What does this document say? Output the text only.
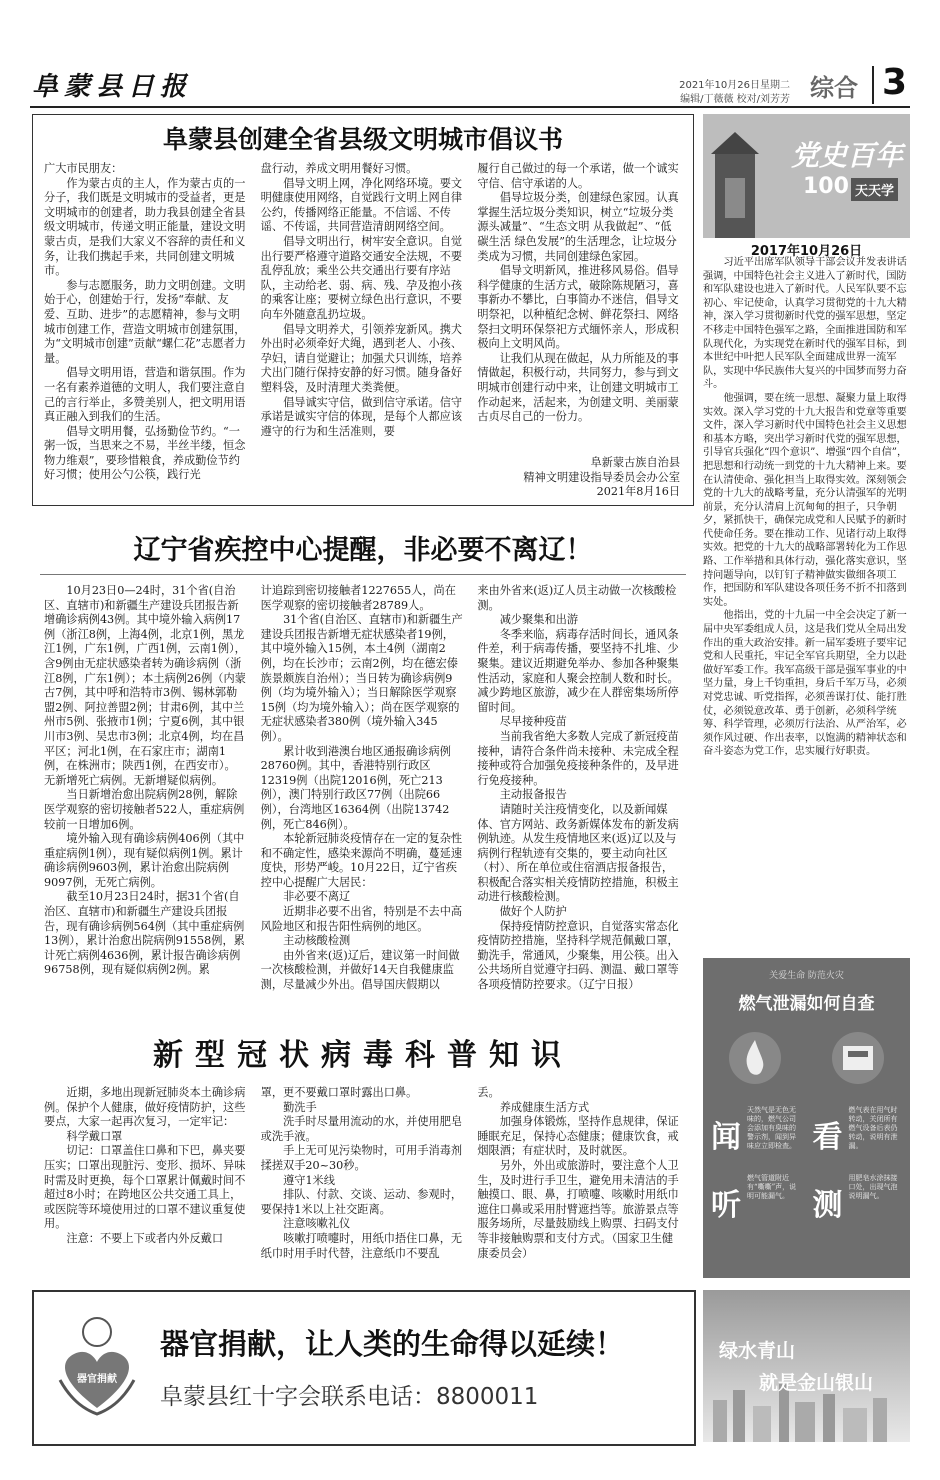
阜蒙县日报	2021年10月26日星期二
编辑/丁薇薇 校对/刘芳芳 综合 3
阜蒙县创建全省县级文明城市倡议书

广大市民朋友：

作为蒙古贞的主人，作为蒙古贞的一分子，我们既是文明城市的受益者，更是文明城市的创建者，助力我县创建全省县级文明城市，传递文明正能量，建设文明蒙古贞，是我们大家义不容辞的责任和义务，让我们携起手来，共同创建文明城市。

参与志愿服务，助力文明创建。文明始于心，创建始于行，发扬“奉献、友爱、互助、进步”的志愿精神，参与文明城市创建工作，营造文明城市创建氛围，为“文明城市创建”贡献“螺仁花”志愿者力量。

倡导文明用语，营造和谐氛围。作为一名有素养道德的文明人，我们要注意自己的言行举止，多赞美别人，把文明用语真正融入到我们的生活。

倡导文明用餐，弘扬勤俭节约。“一粥一饭，当思来之不易，半丝半缕，恒念物力维艰”，要珍惜粮食，养成勤俭节约好习惯；使用公勺公筷，践行光

盘行动，养成文明用餐好习惯。

倡导文明上网，净化网络环境。要文明健康使用网络，自觉践行文明上网自律公约，传播网络正能量。不信谣、不传谣、不传谣，共同营造清朗网络空间。

倡导文明出行，树牢安全意识。自觉出行要严格遵守道路交通安全法规，不要乱停乱放；乘坐公共交通出行要有序站队，主动给老、弱、病、残、孕及抱小孩的乘客让座；要树立绿色出行意识，不要向车外随意乱扔垃圾。

倡导文明养犬，引领养宠新风。携犬外出时必须牵好犬绳，遇到老人、小孩、孕妇，请自觉避让；加强犬只训练，培养犬出门随行保持安静的好习惯。随身备好塑料袋，及时清理犬类粪便。

倡导诚实守信，做到信守承诺。信守承诺是诚实守信的体现，是每个人都应该遵守的行为和生活准则，要

履行自己做过的每一个承诺，做一个诚实守信、信守承诺的人。

倡导垃圾分类，创建绿色家园。认真掌握生活垃圾分类知识，树立“垃圾分类 源头减量”、“生态文明 从我做起”、“低碳生活 绿色发展”的生活理念，让垃圾分类成为习惯，共同创建绿色家园。

倡导文明新风，推进移风易俗。倡导科学健康的生活方式，破除陈规陋习，喜事新办不攀比，白事简办不迷信，倡导文明祭祀，以种植纪念树、鲜花祭扫、网络祭扫文明环保祭祀方式缅怀亲人，形成积极向上文明风尚。

让我们从现在做起，从力所能及的事情做起，积极行动，共同努力，参与到文明城市创建行动中来，让创建文明城市工作动起来，活起来，为创建文明、美丽蒙古贞尽自己的一份力。

阜新蒙古族自治县

精神文明建设指导委员会办公室

2021年8月16日

辽宁省疾控中心提醒，非必要不离辽！

10月23日0—24时，31个省(自治区、直辖市)和新疆生产建设兵团报告新增确诊病例43例。其中境外输入病例17例（浙江8例，上海4例，北京1例，黑龙江1例，广东1例，广西1例，云南1例），含9例由无症状感染者转为确诊病例（浙江8例，广东1例）；本土病例26例（内蒙古7例，其中呼和浩特市3例、锡林郭勒盟2例、阿拉善盟2例；甘肃6例，其中兰州市5例、张掖市1例；宁夏6例，其中银川市3例、吴忠市3例；北京4例，均在昌平区；河北1例，在石家庄市；湖南1例，在株洲市；陕西1例，在西安市）。无新增死亡病例。无新增疑似病例。

当日新增治愈出院病例28例，解除医学观察的密切接触者522人，重症病例较前一日增加6例。

境外输入现有确诊病例406例（其中重症病例1例），现有疑似病例1例。累计确诊病例9603例，累计治愈出院病例9097例，无死亡病例。

截至10月23日24时，据31个省(自治区、直辖市)和新疆生产建设兵团报告，现有确诊病例564例（其中重症病例13例），累计治愈出院病例91558例，累计死亡病例4636例，累计报告确诊病例96758例，现有疑似病例2例。累

计追踪到密切接触者1227655人，尚在医学观察的密切接触者28789人。

31个省(自治区、直辖市)和新疆生产建设兵团报告新增无症状感染者19例，其中境外输入15例，本土4例（湖南2例，均在长沙市；云南2例，均在德宏傣族景颇族自治州）；当日转为确诊病例9例（均为境外输入）；当日解除医学观察15例（均为境外输入）；尚在医学观察的无症状感染者380例（境外输入345例）。

累计收到港澳台地区通报确诊病例28760例。其中，香港特别行政区12319例（出院12016例，死亡213例），澳门特别行政区77例（出院66例），台湾地区16364例（出院13742例，死亡846例）。

本轮新冠肺炎疫情存在一定的复杂性和不确定性，感染来源尚不明确，蔓延速度快，形势严峻。10月22日，辽宁省疾控中心提醒广大居民：

非必要不离辽

近期非必要不出省，特别是不去中高风险地区和报告阳性病例的地区。

主动核酸检测

由外省来(返)辽后，建议第一时间做一次核酸检测，并做好14天自我健康监测，尽量减少外出。倡导国庆假期以

来由外省来(返)辽人员主动做一次核酸检测。

减少聚集和出游

冬季来临，病毒存活时间长，通风条件差，利于病毒传播，要坚持不扎堆、少聚集。建议近期避免举办、参加各种聚集性活动，家庭和人聚会控制人数和时长。减少跨地区旅游，减少在人群密集场所停留时间。

尽早接种疫苗

当前我省绝大多数人完成了新冠疫苗接种，请符合条件尚未接种、未完成全程接种或符合加强免疫接种条件的，及早进行免疫接种。

主动报备报告

请随时关注疫情变化，以及新闻媒体、官方网站、政务新媒体发布的新发病例轨迹。从发生疫情地区来(返)辽以及与病例行程轨迹有交集的，要主动向社区（村）、所在单位或住宿酒店报备报告，积极配合落实相关疫情防控措施，积极主动进行核酸检测。

做好个人防护

保持疫情防控意识，自觉落实常态化疫情防控措施，坚持科学规范佩戴口罩，勤洗手，常通风，少聚集，用公筷。出入公共场所自觉遵守扫码、测温、戴口罩等各项疫情防控要求。（辽宁日报）

新型冠状病毒科普知识

近期，多地出现新冠肺炎本土确诊病例。保护个人健康，做好疫情防护，这些要点，大家一起再次复习，一定牢记：

科学戴口罩

切记：口罩盖住口鼻和下巴，鼻夹要压实；口罩出现脏污、变形、损坏、异味时需及时更换，每个口罩累计佩戴时间不超过8小时；在跨地区公共交通工具上，或医院等环境使用过的口罩不建议重复使用。

注意：不要上下或者内外反戴口

罩，更不要戴口罩时露出口鼻。

勤洗手

洗手时尽量用流动的水，并使用肥皂或洗手液。

手上无可见污染物时，可用手消毒剂揉搓双手20~30秒。

遵守1米线

排队、付款、交谈、运动、参观时，要保持1米以上社交距离。

注意咳嗽礼仪

咳嗽打喷嚏时，用纸巾捂住口鼻，无纸巾时用手时代替，注意纸巾不要乱

丢。

养成健康生活方式

加强身体锻炼，坚持作息规律，保证睡眠充足，保持心态健康；健康饮食，戒烟限酒；有症状时，及时就医。

另外，外出或旅游时，要注意个人卫生，及时进行手卫生，避免用未清洁的手触摸口、眼、鼻，打喷嚏、咳嗽时用纸巾遮住口鼻或采用肘臂遮挡等。旅游景点等服务场所，尽量鼓励线上购票、扫码支付等非接触购票和支付方式。（国家卫生健康委员会）

器官捐献
器官捐献，让人类的生命得以延续！
阜蒙县红十字会联系电话：8800011
党史百年
100 天天学
2017年10月26日

习近平出席军队领导干部会议并发表讲话强调，中国特色社会主义进入了新时代，国防和军队建设也进入了新时代。人民军队要不忘初心、牢记使命，认真学习贯彻党的十九大精神，深入学习贯彻新时代党的强军思想，坚定不移走中国特色强军之路，全面推进国防和军队现代化，为实现党在新时代的强军目标，到本世纪中叶把人民军队全面建成世界一流军队，实现中华民族伟大复兴的中国梦而努力奋斗。

他强调，要在统一思想、凝聚力量上取得实效。深入学习党的十九大报告和党章等重要文件，深入学习新时代中国特色社会主义思想和基本方略，突出学习新时代党的强军思想，引导官兵强化“四个意识”、增强“四个自信”，把思想和行动统一到党的十九大精神上来。要在认清使命、强化担当上取得实效。深刻领会党的十九大的战略考量，充分认清强军的光明前景，充分认清肩上沉甸甸的担子，只争朝夕，紧抓快干，确保完成党和人民赋予的新时代使命任务。要在推动工作、见诸行动上取得实效。把党的十九大的战略部署转化为工作思路、工作举措和具体行动，强化落实意识，坚持问题导向，以钉钉子精神做实做细各项工作，把国防和军队建设各项任务不折不扣落到实处。

他指出，党的十九届一中全会决定了新一届中央军委组成人员，这是我们党从全局出发作出的重大政治安排。新一届军委班子要牢记党和人民重托，牢记全军官兵期望，全力以赴做好军委工作。我军高级干部是强军事业的中坚力量，身上千钧重担，身后千军万马，必须对党忠诚、听党指挥，必须善谋打仗、能打胜仗，必须锐意改革、勇于创新，必须科学统筹、科学管理，必须厉行法治、从严治军，必须作风过硬、作出表率，以饱满的精神状态和奋斗姿态为党工作，忠实履行好职责。

关爱生命 防范火灾
燃气泄漏如何自查
闻
天然气是无色无味的，燃气公司会添加有臭味的警示剂，闻到异味应立即检查。 看
燃气表在用气时转动，关闭所有燃气设备后表仍转动，说明有泄漏。
听
燃气管道附近有“嘶嘶”声，说明可能漏气。 测
用肥皂水涂抹接口处，出现气泡说明漏气。
绿水青山
就是金山银山
